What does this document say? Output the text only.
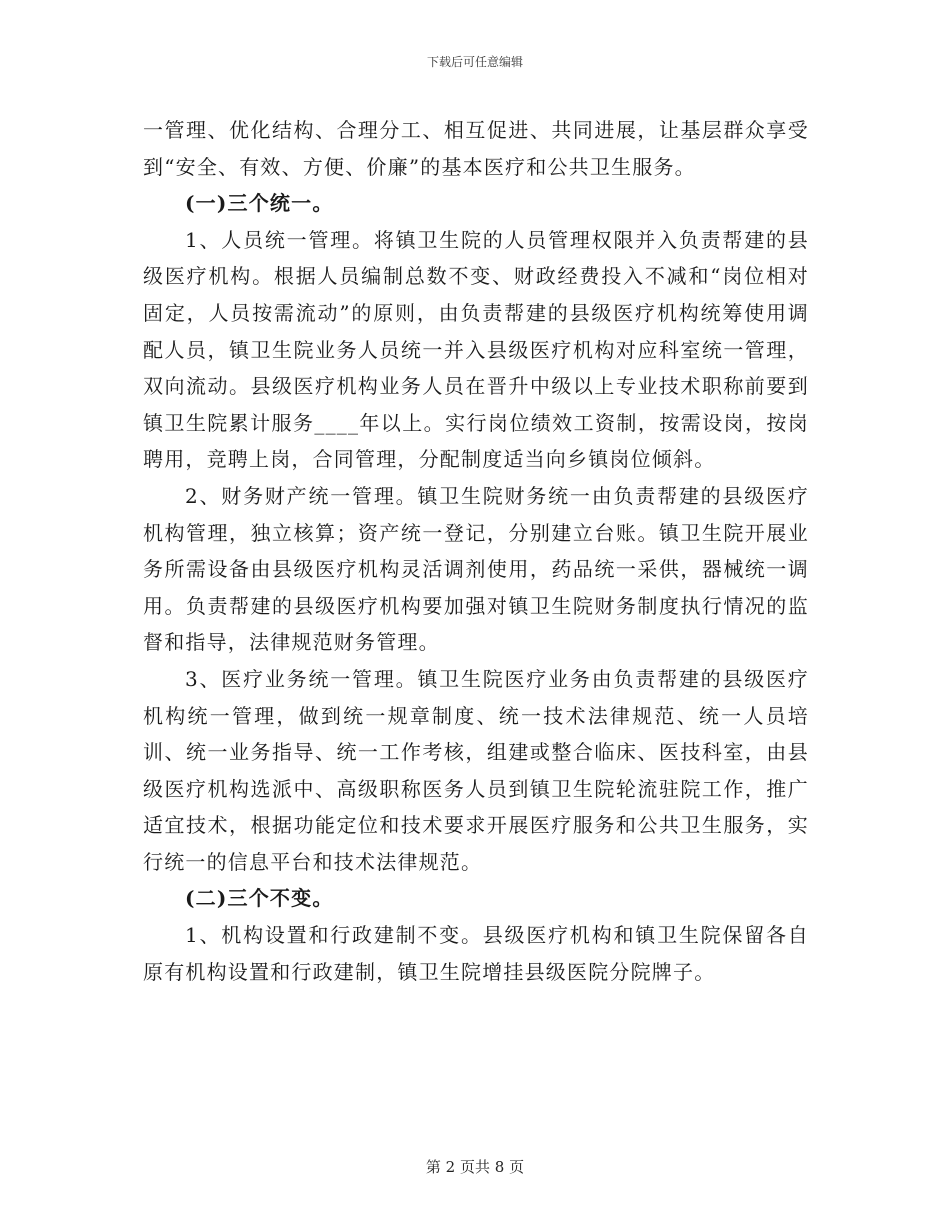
下载后可任意编辑

一管理、优化结构、合理分工、相互促进、共同进展，让基层群众享受到“安全、有效、方便、价廉”的基本医疗和公共卫生服务。

(一)三个统一。

1、人员统一管理。将镇卫生院的人员管理权限并入负责帮建的县级医疗机构。根据人员编制总数不变、财政经费投入不减和“岗位相对固定，人员按需流动”的原则，由负责帮建的县级医疗机构统筹使用调配人员，镇卫生院业务人员统一并入县级医疗机构对应科室统一管理，双向流动。县级医疗机构业务人员在晋升中级以上专业技术职称前要到镇卫生院累计服务____年以上。实行岗位绩效工资制，按需设岗，按岗聘用，竞聘上岗，合同管理，分配制度适当向乡镇岗位倾斜。

2、财务财产统一管理。镇卫生院财务统一由负责帮建的县级医疗机构管理，独立核算；资产统一登记，分别建立台账。镇卫生院开展业务所需设备由县级医疗机构灵活调剂使用，药品统一采供，器械统一调用。负责帮建的县级医疗机构要加强对镇卫生院财务制度执行情况的监督和指导，法律规范财务管理。

3、医疗业务统一管理。镇卫生院医疗业务由负责帮建的县级医疗机构统一管理，做到统一规章制度、统一技术法律规范、统一人员培训、统一业务指导、统一工作考核，组建或整合临床、医技科室，由县级医疗机构选派中、高级职称医务人员到镇卫生院轮流驻院工作，推广适宜技术，根据功能定位和技术要求开展医疗服务和公共卫生服务，实行统一的信息平台和技术法律规范。

(二)三个不变。

1、机构设置和行政建制不变。县级医疗机构和镇卫生院保留各自原有机构设置和行政建制，镇卫生院增挂县级医院分院牌子。

第 2 页共 8 页
